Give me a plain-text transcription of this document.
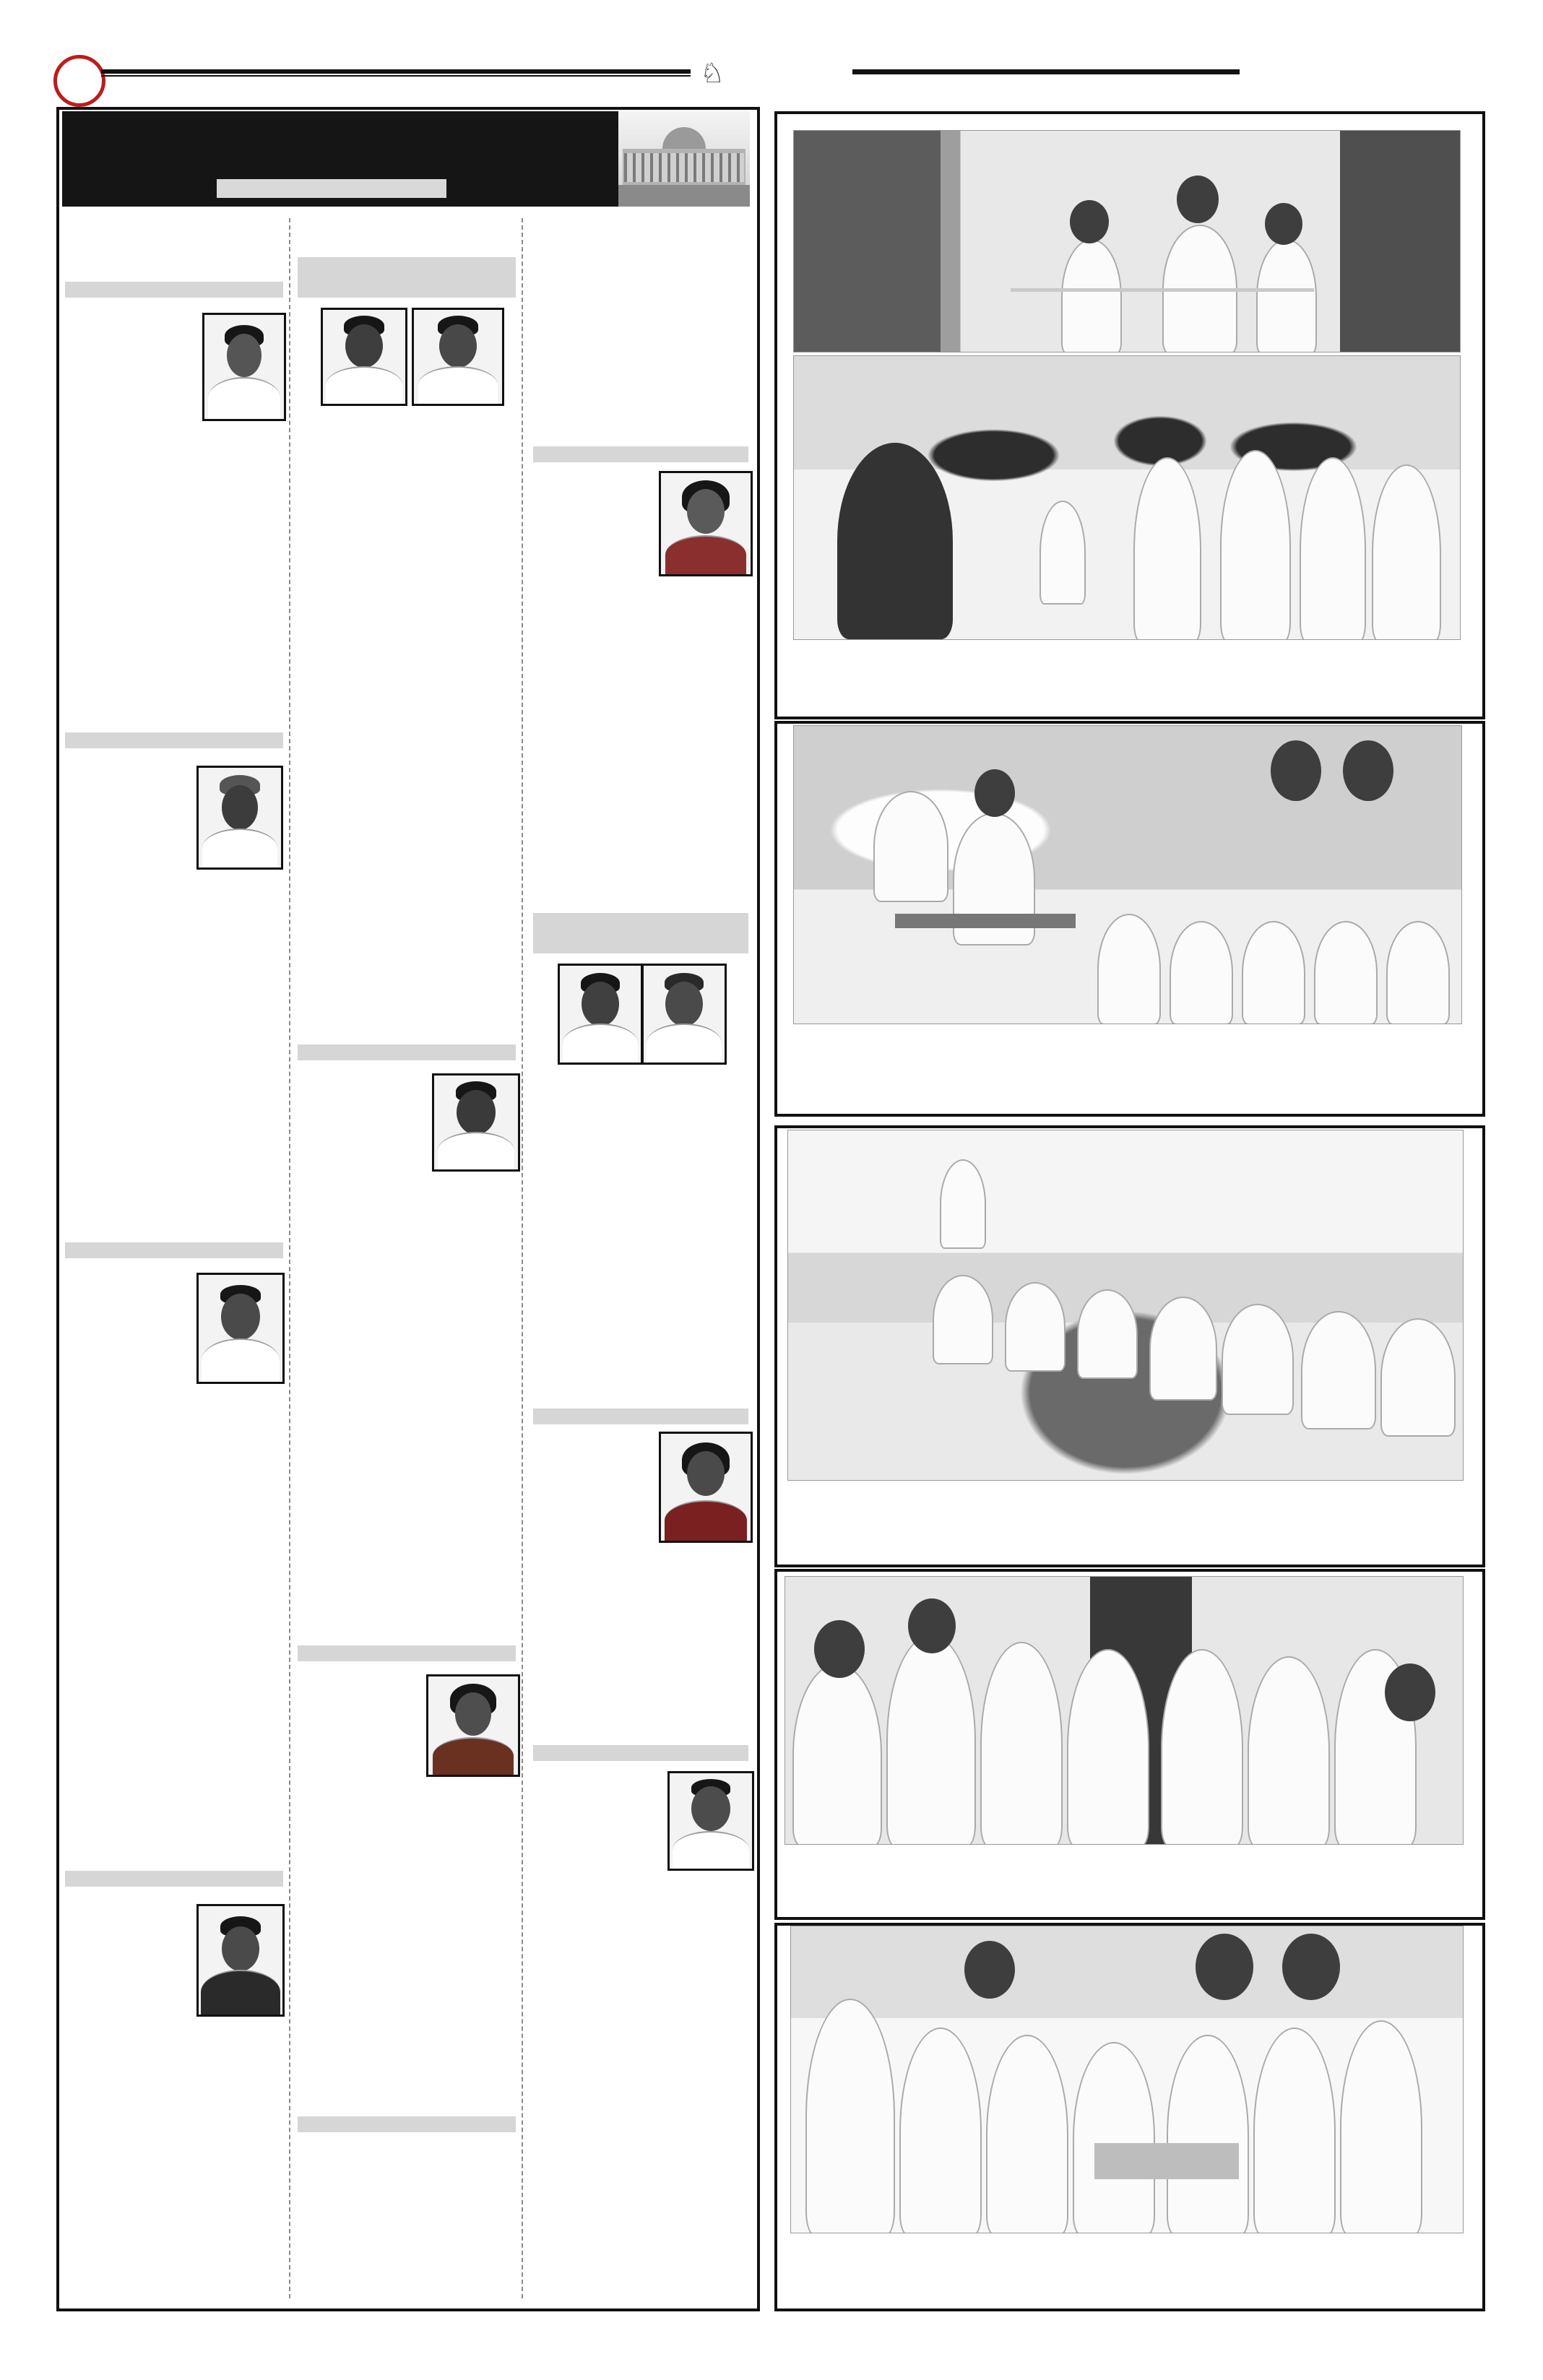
♘
